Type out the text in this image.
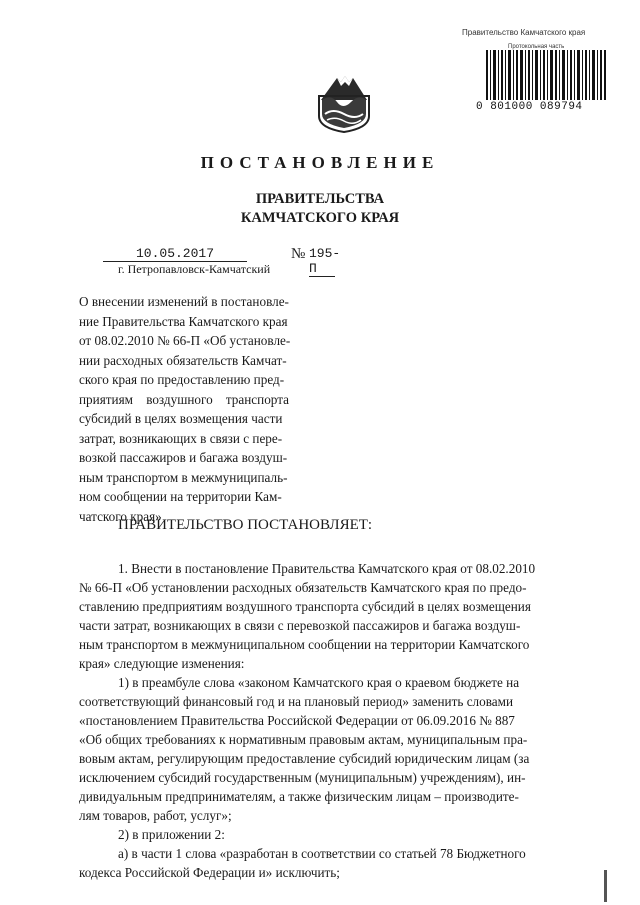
Правительство Камчатского края
Протокольная часть
0 801000 089794
ПОСТАНОВЛЕНИЕ
ПРАВИТЕЛЬСТВА
КАМЧАТСКОГО КРАЯ
10.05.2017	№ 195-П
г. Петропавловск-Камчатский
О внесении изменений в постановле-
ние Правительства Камчатского края
от 08.02.2010 № 66-П «Об установле-
нии расходных обязательств Камчат-
ского края по предоставлению пред-
приятиям    воздушного    транспорта
субсидий в целях возмещения части
затрат, возникающих в связи с пере-
возкой пассажиров и багажа воздуш-
ным транспортом в межмуниципаль-
ном сообщении на территории Кам-
чатского края»
ПРАВИТЕЛЬСТВО ПОСТАНОВЛЯЕТ:
1. Внести в постановление Правительства Камчатского края от 08.02.2010
№ 66-П «Об установлении расходных обязательств Камчатского края по предо-
ставлению предприятиям воздушного транспорта субсидий в целях возмещения
части затрат, возникающих в связи с перевозкой пассажиров и багажа воздуш-
ным транспортом в межмуниципальном сообщении на территории Камчатского
края» следующие изменения:
1) в преамбуле слова «законом Камчатского края о краевом бюджете на
соответствующий финансовый год и на плановый период» заменить словами
«постановлением Правительства Российской Федерации от 06.09.2016 № 887
«Об общих требованиях к нормативным правовым актам, муниципальным пра-
вовым актам, регулирующим предоставление субсидий юридическим лицам (за
исключением субсидий государственным (муниципальным) учреждениям), ин-
дивидуальным предпринимателям, а также физическим лицам – производите-
лям товаров, работ, услуг»;
2) в приложении 2:
а) в части 1 слова «разработан в соответствии со статьей 78 Бюджетного
кодекса Российской Федерации и» исключить;
